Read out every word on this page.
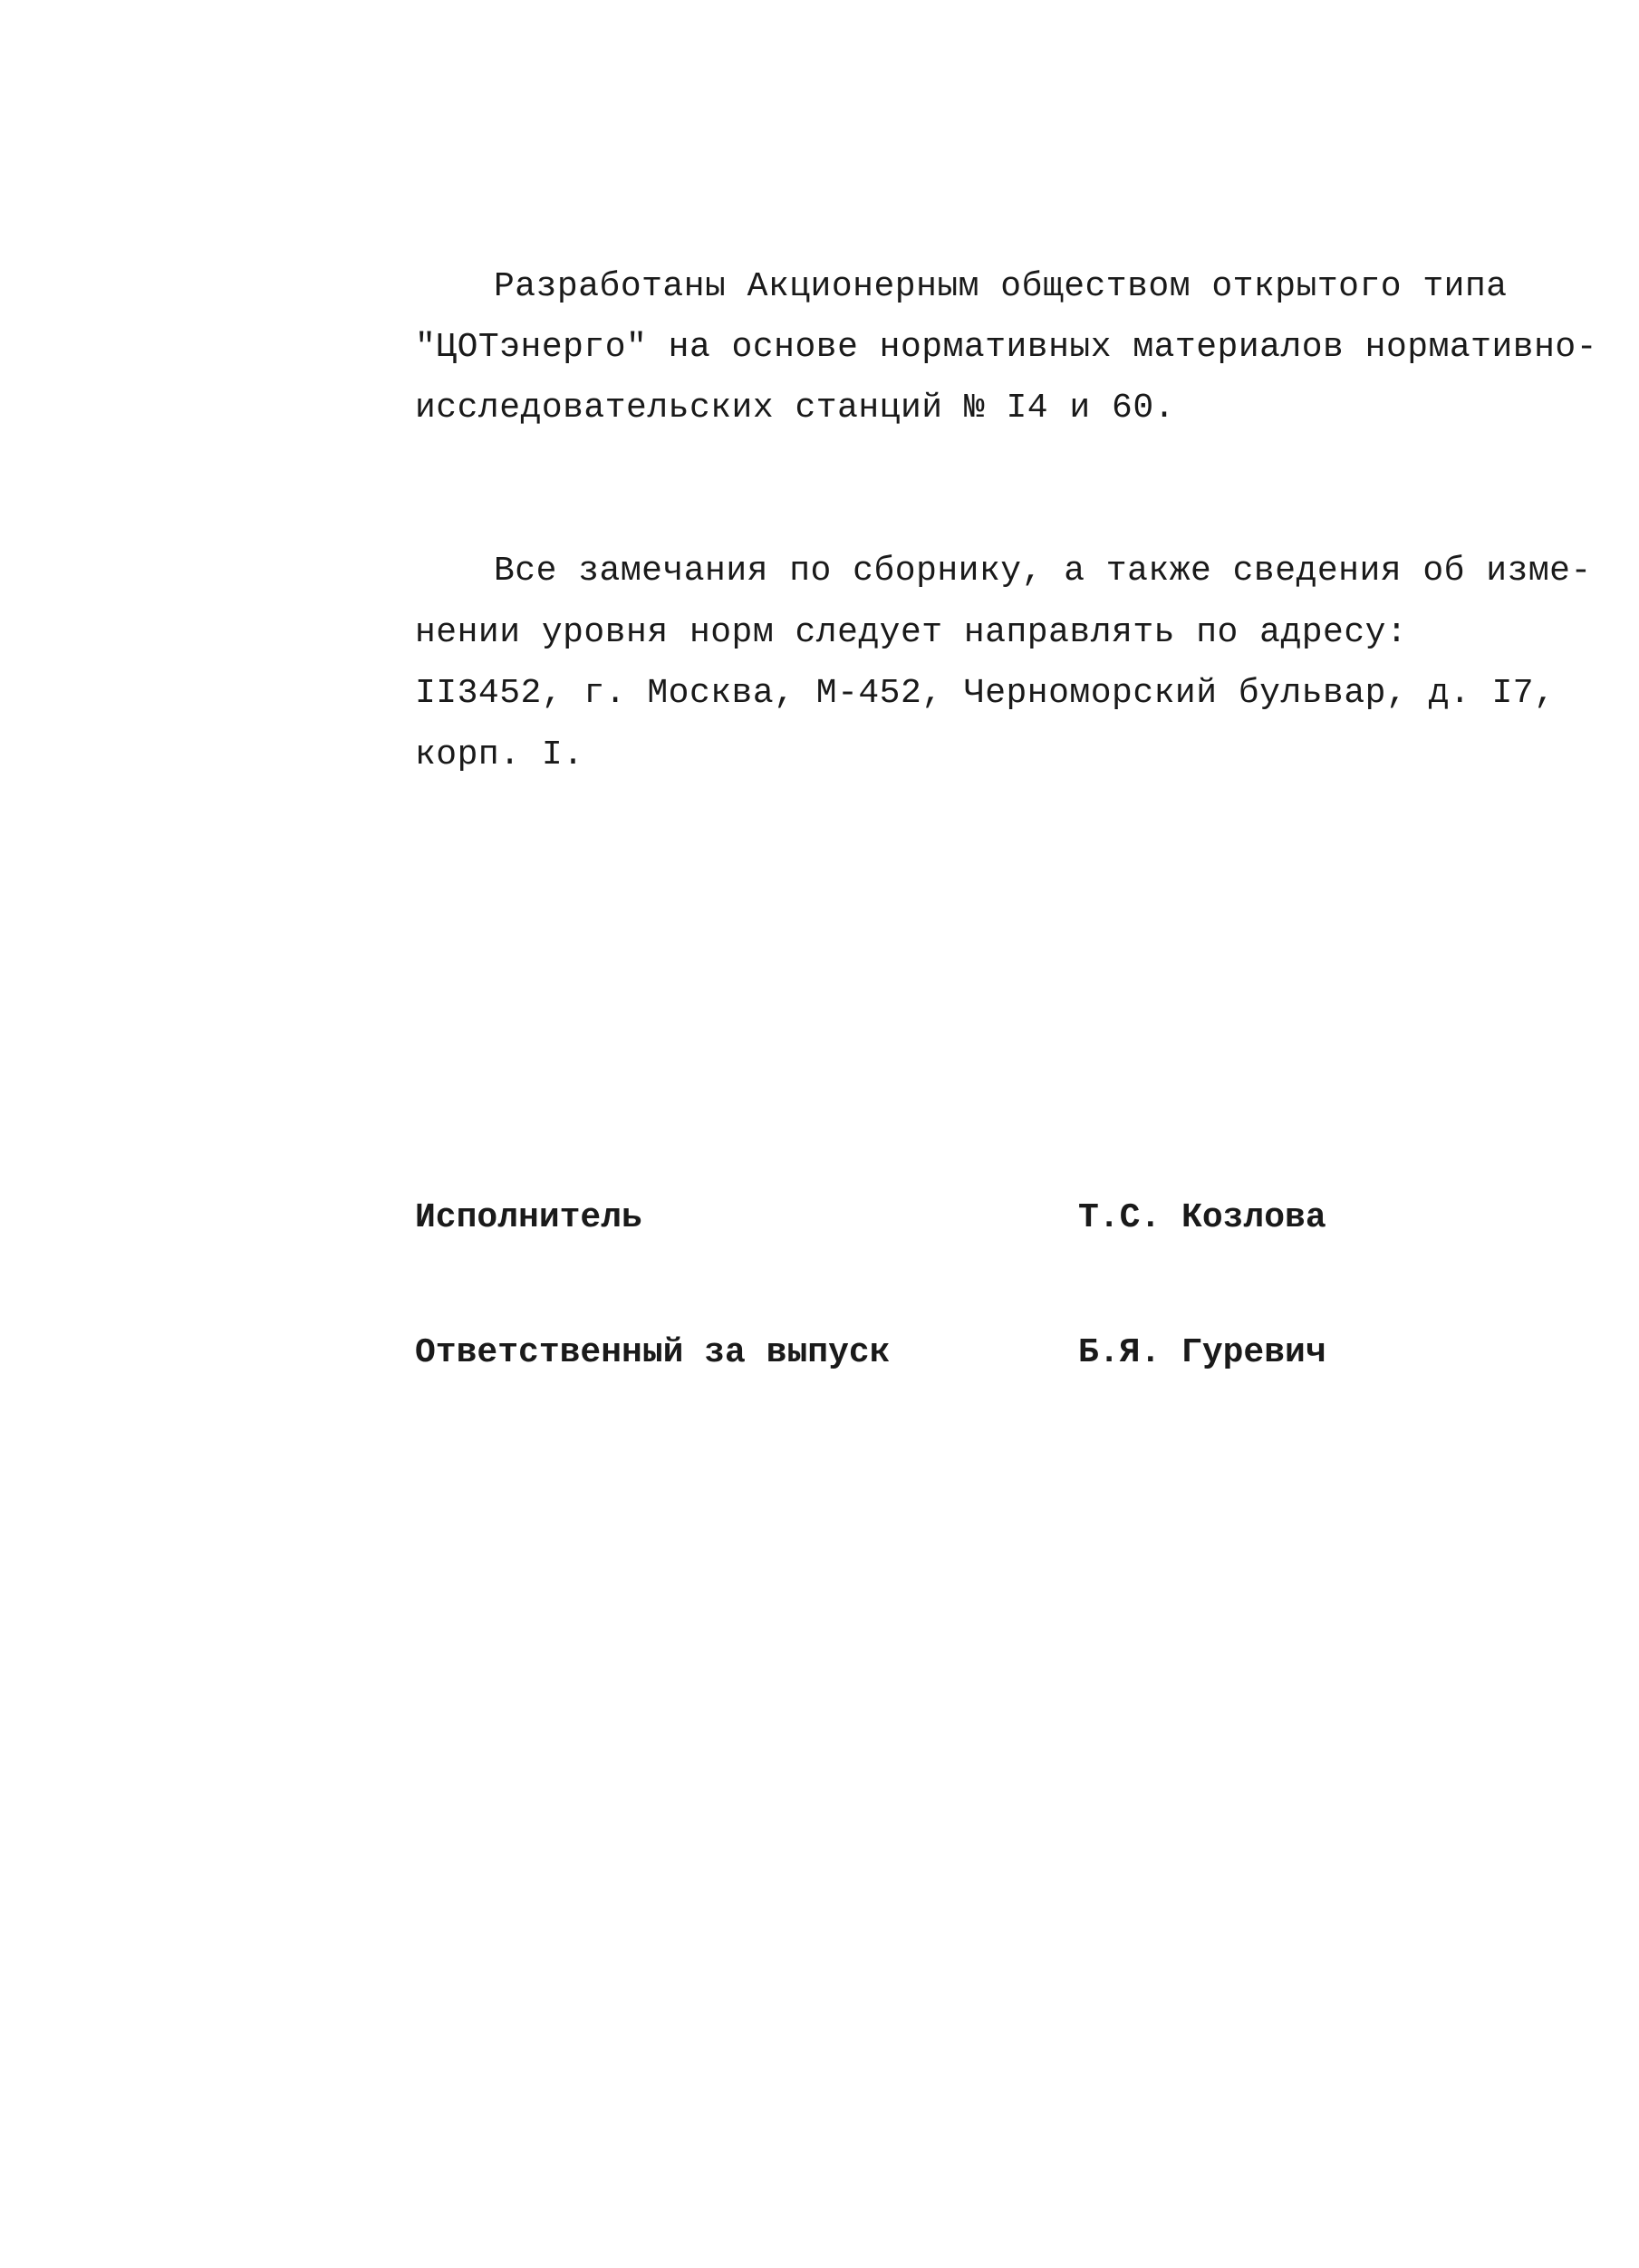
Разработаны Акционерным обществом открытого типа
"ЦОТэнерго" на основе нормативных материалов нормативно-
исследовательских станций № I4 и 60.
Все замечания по сборнику, а также сведения об изме-
нении уровня норм следует направлять по адресу:
II3452, г. Москва, М-452, Черноморский бульвар, д. I7,
корп. I.
Исполнитель	Т.С. Козлова
Ответственный за выпуск	Б.Я. Гуревич
